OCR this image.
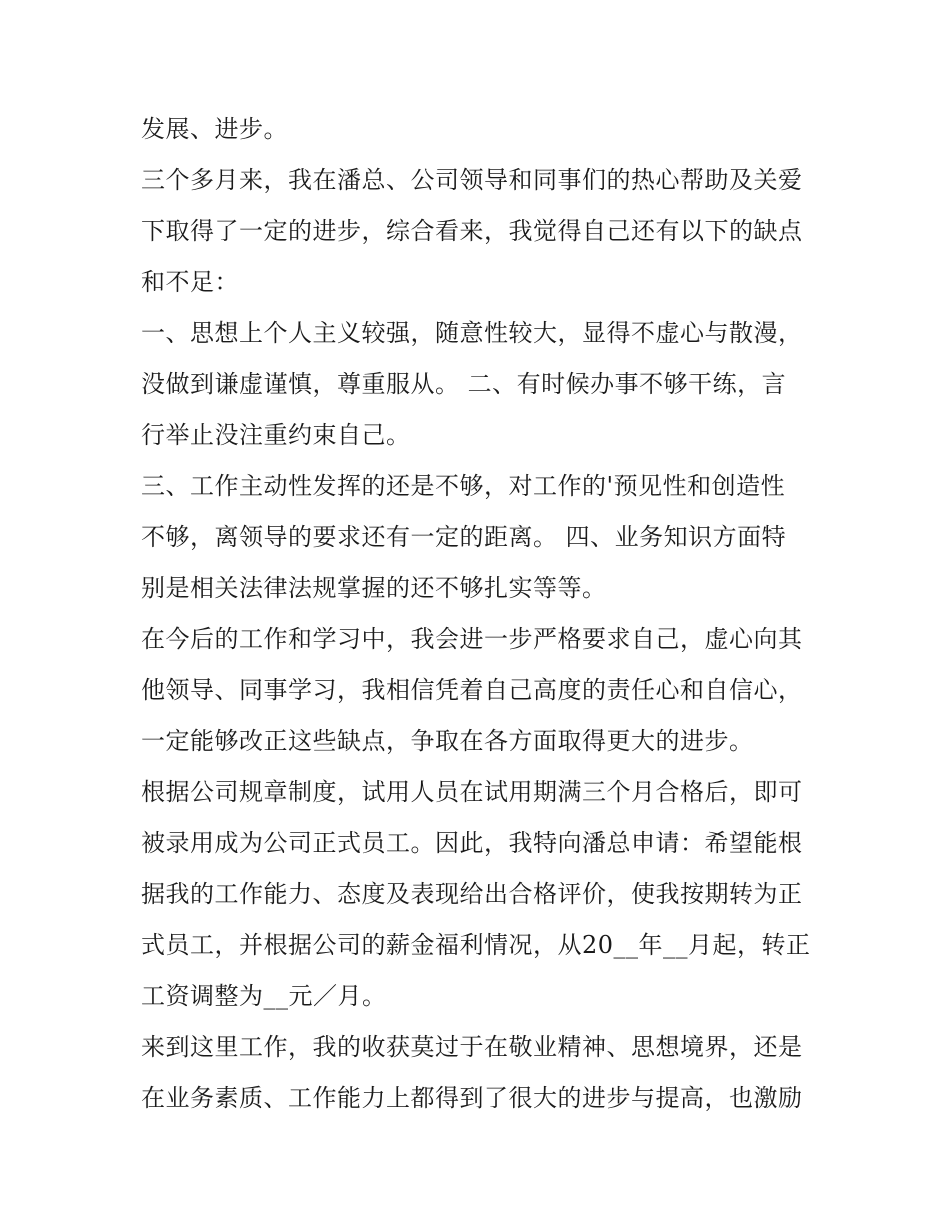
发展、进步。
三个多月来，我在潘总、公司领导和同事们的热心帮助及关爱
下取得了一定的进步，综合看来，我觉得自己还有以下的缺点
和不足：
一、思想上个人主义较强，随意性较大，显得不虚心与散漫，
没做到谦虚谨慎，尊重服从。 二、有时候办事不够干练，言
行举止没注重约束自己。
三、工作主动性发挥的还是不够，对工作的'预见性和创造性
不够，离领导的要求还有一定的距离。 四、业务知识方面特
别是相关法律法规掌握的还不够扎实等等。
在今后的工作和学习中，我会进一步严格要求自己，虚心向其
他领导、同事学习，我相信凭着自己高度的责任心和自信心，
一定能够改正这些缺点，争取在各方面取得更大的进步。
根据公司规章制度，试用人员在试用期满三个月合格后，即可
被录用成为公司正式员工。因此，我特向潘总申请：希望能根
据我的工作能力、态度及表现给出合格评价，使我按期转为正
式员工，并根据公司的薪金福利情况，从20__年__月起，转正
工资调整为__元／月。
来到这里工作，我的收获莫过于在敬业精神、思想境界，还是
在业务素质、工作能力上都得到了很大的进步与提高，也激励
